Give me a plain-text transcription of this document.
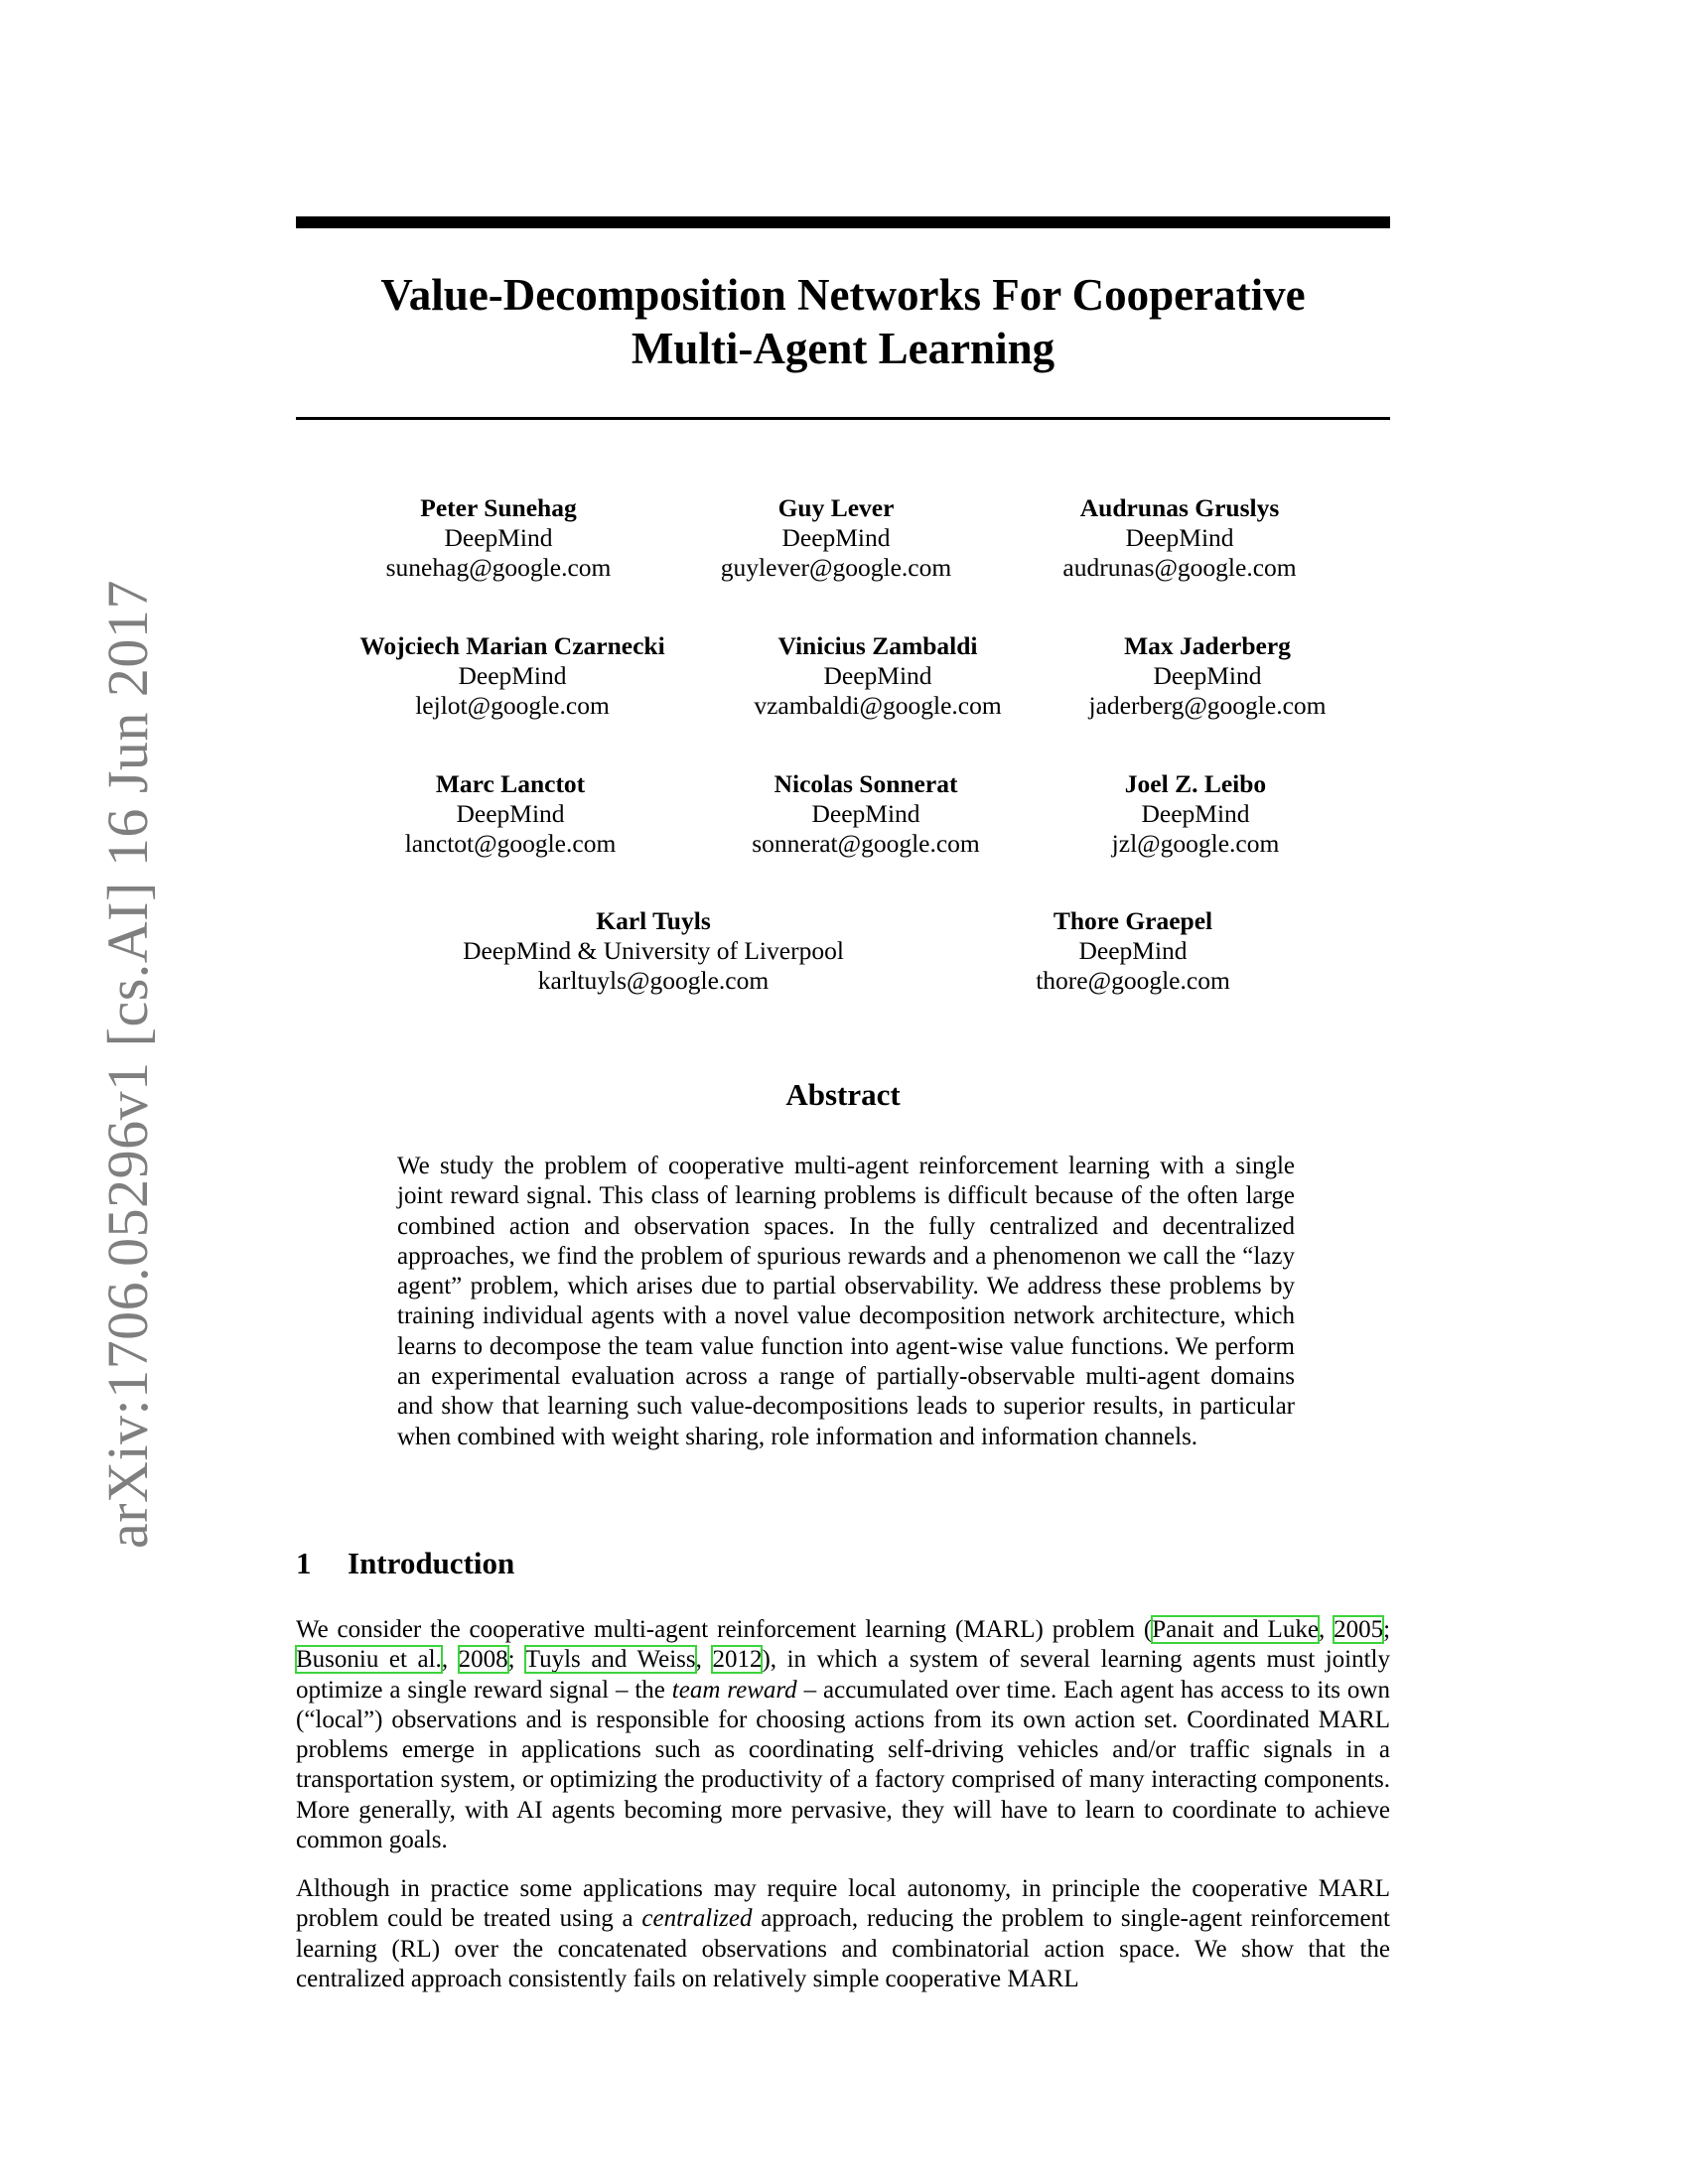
arXiv:1706.05296v1 [cs.AI] 16 Jun 2017
Value-Decomposition Networks For Cooperative
Multi-Agent Learning
Peter Sunehag
DeepMind
sunehag@google.com
Guy Lever
DeepMind
guylever@google.com
Audrunas Gruslys
DeepMind
audrunas@google.com
Wojciech Marian Czarnecki
DeepMind
lejlot@google.com
Vinicius Zambaldi
DeepMind
vzambaldi@google.com
Max Jaderberg
DeepMind
jaderberg@google.com
Marc Lanctot
DeepMind
lanctot@google.com
Nicolas Sonnerat
DeepMind
sonnerat@google.com
Joel Z. Leibo
DeepMind
jzl@google.com
Karl Tuyls
DeepMind & University of Liverpool
karltuyls@google.com
Thore Graepel
DeepMind
thore@google.com
Abstract

We study the problem of cooperative multi-agent reinforcement learning with a single joint reward signal. This class of learning problems is difficult because of the often large combined action and observation spaces. In the fully centralized and decentralized approaches, we find the problem of spurious rewards and a phenomenon we call the “lazy agent” problem, which arises due to partial observability. We address these problems by training individual agents with a novel value decomposition network architecture, which learns to decompose the team value function into agent-wise value functions. We perform an experimental evaluation across a range of partially-observable multi-agent domains and show that learning such value-decompositions leads to superior results, in particular when combined with weight sharing, role information and information channels.

1 Introduction

We consider the cooperative multi-agent reinforcement learning (MARL) problem (Panait and Luke, 2005; Busoniu et al., 2008; Tuyls and Weiss, 2012), in which a system of several learning agents must jointly optimize a single reward signal – the team reward – accumulated over time. Each agent has access to its own (“local”) observations and is responsible for choosing actions from its own action set. Coordinated MARL problems emerge in applications such as coordinating self-driving vehicles and/or traffic signals in a transportation system, or optimizing the productivity of a factory comprised of many interacting components. More generally, with AI agents becoming more pervasive, they will have to learn to coordinate to achieve common goals.

Although in practice some applications may require local autonomy, in principle the cooperative MARL problem could be treated using a centralized approach, reducing the problem to single-agent reinforcement learning (RL) over the concatenated observations and combinatorial action space. We show that the centralized approach consistently fails on relatively simple cooperative MARL
